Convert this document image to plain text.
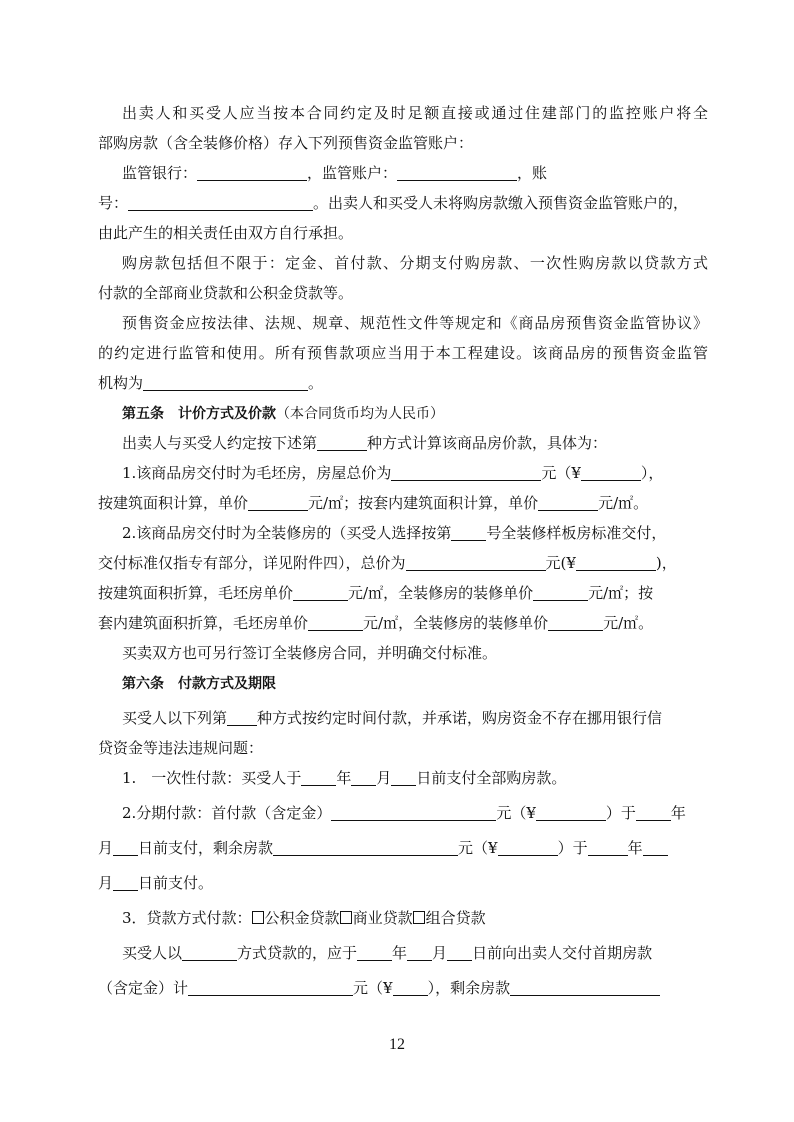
出卖人和买受人应当按本合同约定及时足额直接或通过住建部门的监控账户将全
部购房款（含全装修价格）存入下列预售资金监管账户：
监管银行：	，监管账户：	，账
号：	。出卖人和买受人未将购房款缴入预售资金监管账户的，
由此产生的相关责任由双方自行承担。
购房款包括但不限于：定金、首付款、分期支付购房款、一次性购房款以贷款方式
付款的全部商业贷款和公积金贷款等。
预售资金应按法律、法规、规章、规范性文件等规定和《商品房预售资金监管协议》
的约定进行监管和使用。所有预售款项应当用于本工程建设。该商品房的预售资金监管
机构为	。
第五条　计价方式及价款（本合同货币均为人民币）
出卖人与买受人约定按下述第	种方式计算该商品房价款，具体为：
1.该商品房交付时为毛坯房，房屋总价为	元（¥	），
按建筑面积计算，单价	元/㎡；按套内建筑面积计算，单价	元/㎡。
2.该商品房交付时为全装修房的（买受人选择按第 号全装修样板房标准交付，
交付标准仅指专有部分，详见附件四），总价为	元(¥	)，
按建筑面积折算，毛坯房单价	元/㎡，全装修房的装修单价	元/㎡；按
套内建筑面积折算，毛坯房单价	元/㎡，全装修房的装修单价	元/㎡。
买卖双方也可另行签订全装修房合同，并明确交付标准。
第六条　付款方式及期限
买受人以下列第 种方式按约定时间付款，并承诺，购房资金不存在挪用银行信
贷资金等违法违规问题：
1.　一次性付款：买受人于 年 月 日前支付全部购房款。
2.分期付款：首付款（含定金）	元（¥	）于 年
月 日前支付，剩余房款	元（¥	）于	年
月 日前支付。
3．贷款方式付款： 公积金贷款 商业贷款 组合贷款
买受人以	方式贷款的，应于 年 月 日前向出卖人交付首期房款
（含定金）计	元（¥ ），剩余房款
12
